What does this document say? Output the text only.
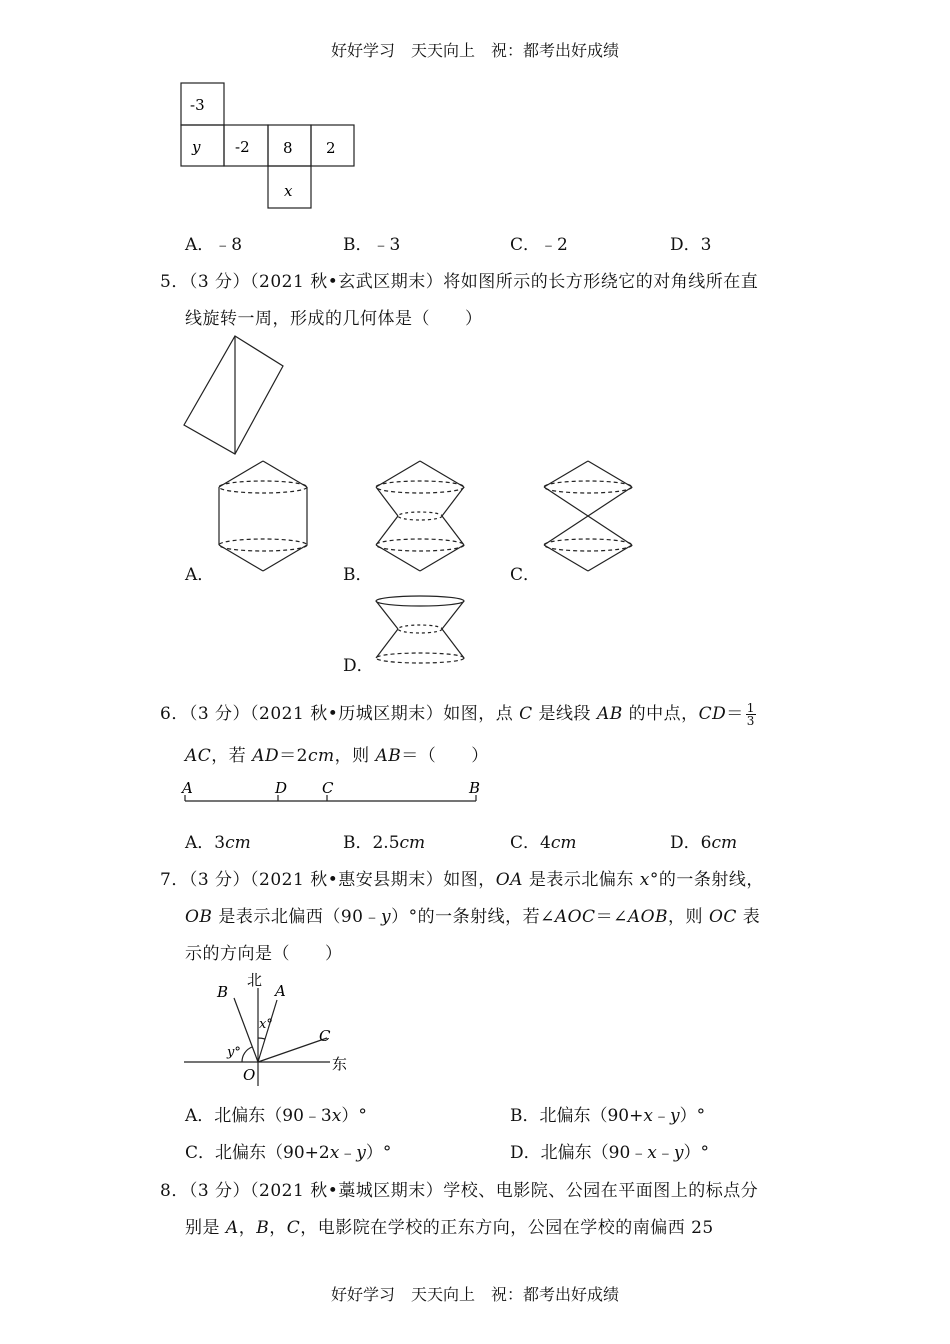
好好学习　天天向上　祝：都考出好成绩
-3
y -2 8 2
x
A．﹣8	B．﹣3	C．﹣2	D．3
5．（3 分）（2021 秋•玄武区期末）将如图所示的长方形绕它的对角线所在直
线旋转一周，形成的几何体是（　　）
A．	B．	C．
D．
6．（3 分）（2021 秋•历城区期末）如图，点 C 是线段 AB 的中点，$CD= \frac{1}{3}$
AC，若 AD＝2cm，则 AB＝（　　）
A	D C	B
A．3cm	B．2.5cm	C．4cm	D．6cm
7．（3 分）（2021 秋•惠安县期末）如图，OA 是表示北偏东 x°的一条射线，
OB 是表示北偏西（90﹣y）°的一条射线，若∠AOC＝∠AOB，则 OC 表
示的方向是（　　）
北
东
A
B
C
O
x°
y°
A．北偏东（90﹣3x）°	B．北偏东（90+x﹣y）°
C．北偏东（90+2x﹣y）°	D．北偏东（90﹣x﹣y）°
8．（3 分）（2021 秋•藁城区期末）学校、电影院、公园在平面图上的标点分
别是 A，B，C，电影院在学校的正东方向，公园在学校的南偏西 25
好好学习　天天向上　祝：都考出好成绩
